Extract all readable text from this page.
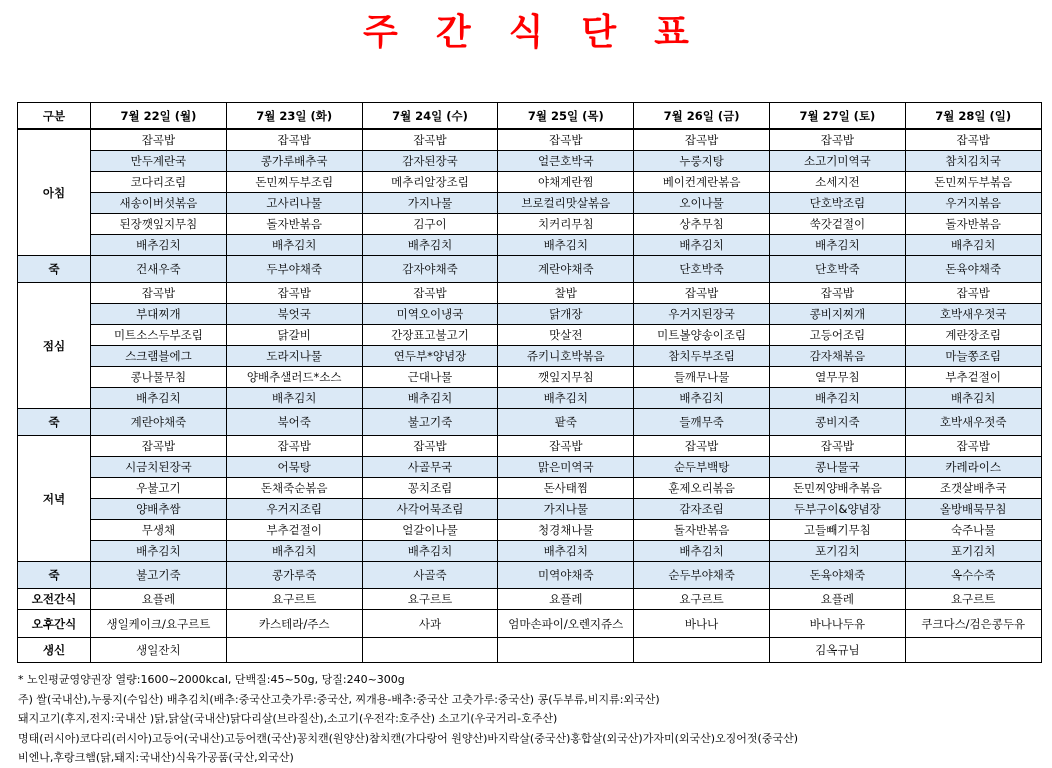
주간식단표
구분	7월 22일 (월)	7월 23일 (화)	7월 24일 (수)	7월 25일 (목)	7월 26일 (금)	7월 27일 (토)	7월 28일 (일)
아침	잡곡밥	잡곡밥	잡곡밥	잡곡밥	잡곡밥	잡곡밥	잡곡밥
	만두계란국	콩가루배추국	감자된장국	얼큰호박국	누룽지탕	소고기미역국	참치김치국
	코다리조림	돈민찌두부조림	메추리알장조림	야채계란찜	베이컨계란볶음	소세지전	돈민찌두부볶음
	새송이버섯볶음	고사리나물	가지나물	브로컬리맛살볶음	오이나물	단호박조림	우거지볶음
	된장깻잎지무침	돌자반볶음	김구이	치커리무침	상추무침	쑥갓겉절이	돌자반볶음
	배추김치	배추김치	배추김치	배추김치	배추김치	배추김치	배추김치
죽	건새우죽	두부야채죽	감자야채죽	계란야채죽	단호박죽	단호박죽	돈육야채죽
점심	잡곡밥	잡곡밥	잡곡밥	찰밥	잡곡밥	잡곡밥	잡곡밥
	부대찌개	북엇국	미역오이냉국	닭개장	우거지된장국	콩비지찌개	호박새우젓국
	미트소스두부조림	닭갈비	간장표고불고기	맛살전	미트볼양송이조림	고등어조림	계란장조림
	스크램블에그	도라지나물	연두부*양념장	쥬키니호박볶음	참치두부조림	감자채볶음	마늘쫑조림
	콩나물무침	양배추샐러드*소스	근대나물	깻잎지무침	들깨무나물	열무무침	부추겉절이
	배추김치	배추김치	배추김치	배추김치	배추김치	배추김치	배추김치
죽	계란야채죽	북어죽	불고기죽	팥죽	들깨무죽	콩비지죽	호박새우젓죽
저녁	잡곡밥	잡곡밥	잡곡밥	잡곡밥	잡곡밥	잡곡밥	잡곡밥
	시금치된장국	어묵탕	사골무국	맑은미역국	순두부백탕	콩나물국	카레라이스
	우불고기	돈채죽순볶음	꽁치조림	돈사태찜	훈제오리볶음	돈민찌양배추볶음	조갯살배추국
	양배추쌈	우거지조림	사각어묵조림	가지나물	감자조림	두부구이&양념장	올방배묵무침
	무생채	부추겉절이	얼갈이나물	청경채나물	돌자반볶음	고들빼기무침	숙주나물
	배추김치	배추김치	배추김치	배추김치	배추김치	포기김치	포기김치
죽	불고기죽	콩가루죽	사골죽	미역야채죽	순두부야채죽	돈육야채죽	옥수수죽
오전간식	요플레	요구르트	요구르트	요플레	요구르트	요플레	요구르트
오후간식	생일케이크/요구르트	카스테라/주스	사과	엄마손파이/오렌지쥬스	바나나	바나나두유	쿠크다스/검은콩두유
생신	생일잔치					김옥규님	
* 노인평균영양권장 열량:1600~2000kcal, 단백질:45~50g, 당질:240~300g
주) 쌀(국내산),누룽지(수입산) 배추김치(배추:중국산고춧가루:중국산, 찌개용-배추:중국산 고춧가루:중국산) 콩(두부류,비지류:외국산)
돼지고기(후지,전지:국내산 )닭,닭살(국내산)닭다리살(브라질산),소고기(우전각:호주산) 소고기(우국거리-호주산)
명태(러시아)코다리(러시아)고등어(국내산)고등어캔(국산)꽁치캔(원양산)참치캔(가다랑어 원양산)바지락살(중국산)홍합살(외국산)가자미(외국산)오징어젓(중국산)
비엔나,후랑크햄(닭,돼지:국내산)식육가공품(국산,외국산)
